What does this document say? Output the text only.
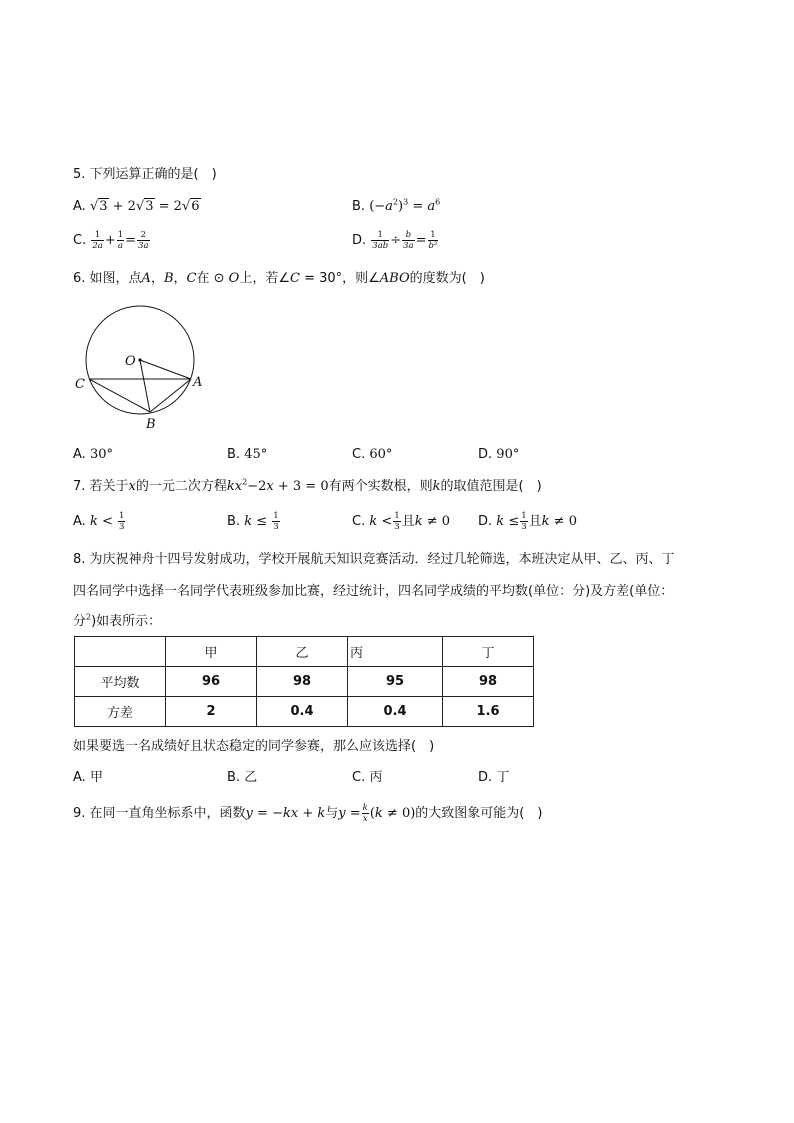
5. 下列运算正确的是(　)
A. √3 + 2√3 = 2√6	B. $(-a^2)^3 = a^6$
C. $\frac{1}{2a} + \frac{1}{a} = \frac{2}{3a}$	D. $\frac{1}{3ab} \div \frac{b}{3a} = \frac{1}{\text{b²}}$
6. 如图，点A，B，C在 ⊙ O上，若∠C = 30°，则∠ABO的度数为(　)
O
A
C
B
A. 30°	B. 45°	C. 60°	D. 90°
7. 若关于x的一元二次方程$kx^2-2x + 3 = 0$有两个实数根，则k的取值范围是(　)
A. $k < \frac{1}{3}$	B. $k \le \frac{1}{3}$	C. $k < \frac{1}{3}$ 且k ≠ 0 D. $k \le \frac{1}{3}$ 且k ≠ 0
8. 为庆祝神舟十四号发射成功，学校开展航天知识竞赛活动．经过几轮筛选，本班决定从甲、乙、丙、丁
四名同学中选择一名同学代表班级参加比赛，经过统计，四名同学成绩的平均数(单位：分)及方差(单位：
分$^2$)如表所示：
	甲	乙	丙	丁
平均数	96	98	95	98
方差	2	0.4	0.4	1.6
如果要选一名成绩好且状态稳定的同学参赛，那么应该选择(　)
A. 甲	B. 乙	C. 丙	D. 丁
9. 在同一直角坐标系中，函数y = −kx + k与$y = \frac{k}{x} (k \ne 0)$的大致图象可能为(　)
